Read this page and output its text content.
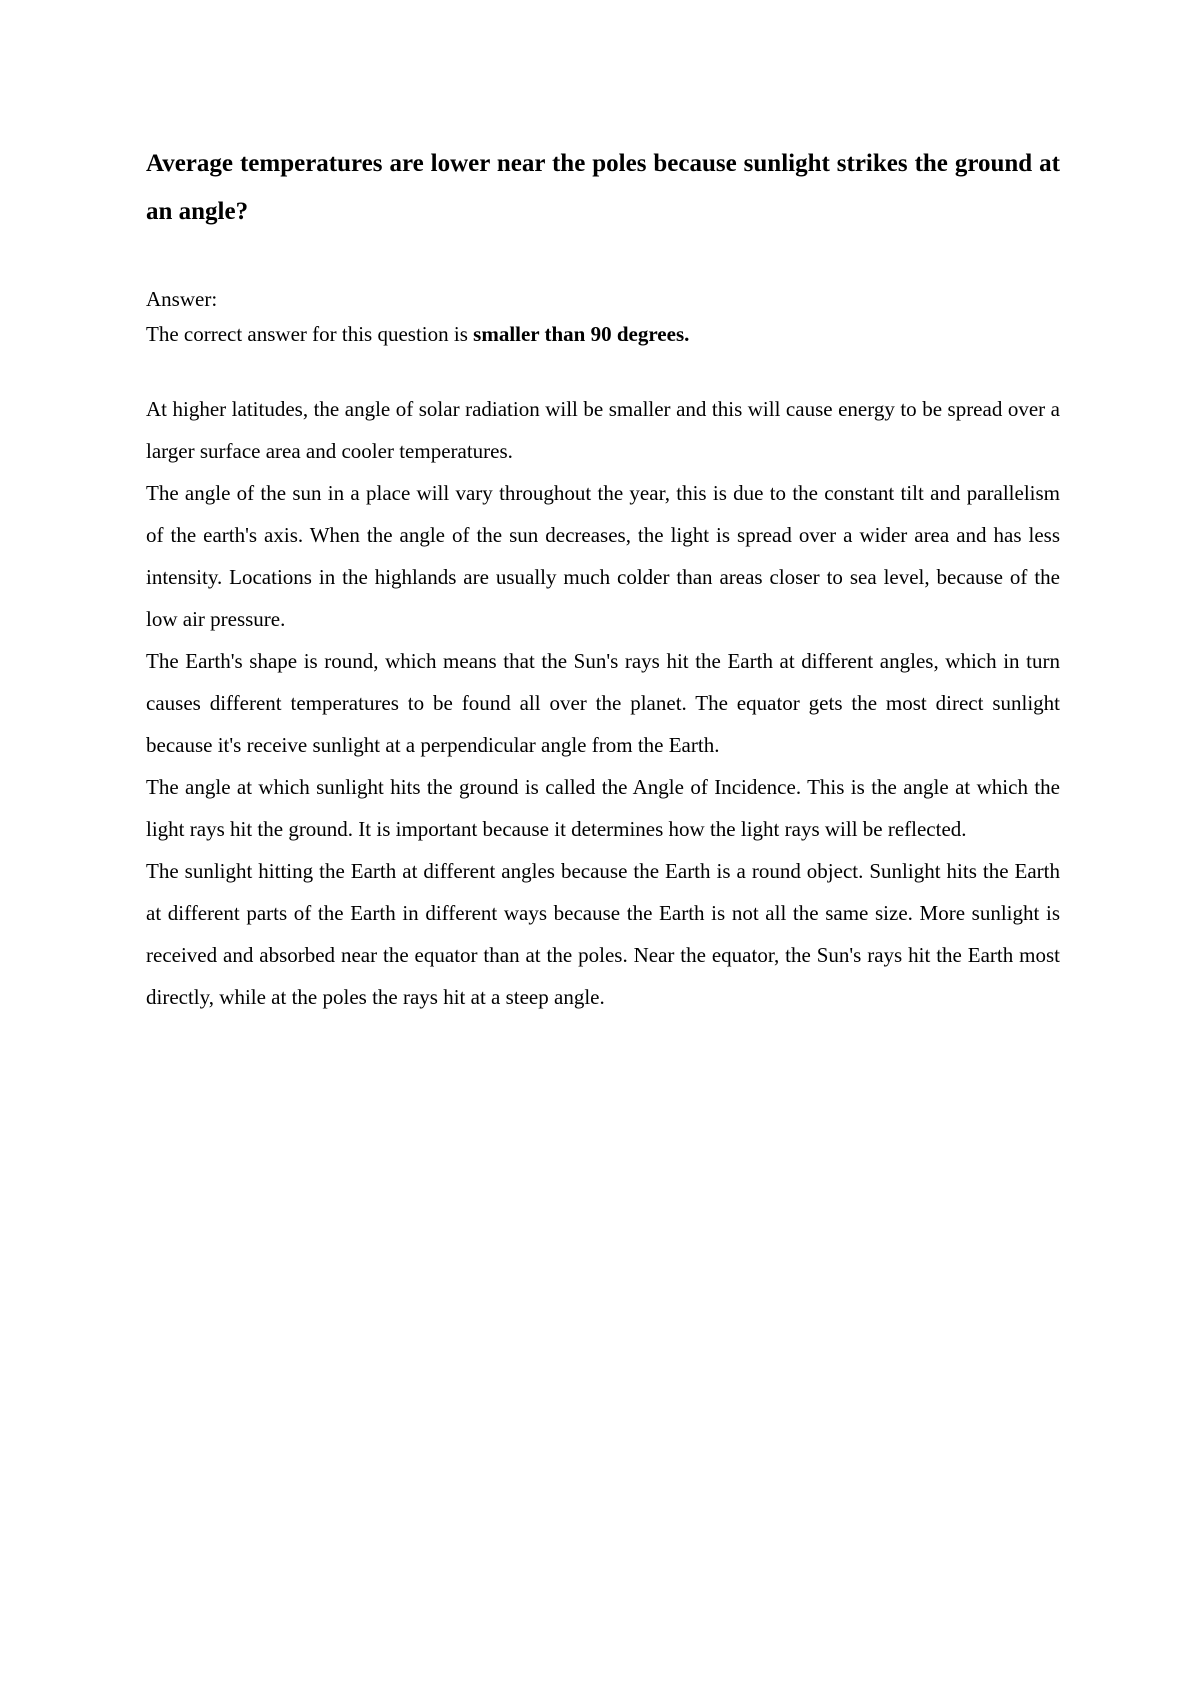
Average temperatures are lower near the poles because sunlight strikes the ground at an angle?

Answer:

The correct answer for this question is smaller than 90 degrees.

At higher latitudes, the angle of solar radiation will be smaller and this will cause energy to be spread over a larger surface area and cooler temperatures.

The angle of the sun in a place will vary throughout the year, this is due to the constant tilt and parallelism of the earth's axis. When the angle of the sun decreases, the light is spread over a wider area and has less intensity. Locations in the highlands are usually much colder than areas closer to sea level, because of the low air pressure.

The Earth's shape is round, which means that the Sun's rays hit the Earth at different angles, which in turn causes different temperatures to be found all over the planet. The equator gets the most direct sunlight because it's receive sunlight at a perpendicular angle from the Earth.

The angle at which sunlight hits the ground is called the Angle of Incidence. This is the angle at which the light rays hit the ground. It is important because it determines how the light rays will be reflected.

The sunlight hitting the Earth at different angles because the Earth is a round object. Sunlight hits the Earth at different parts of the Earth in different ways because the Earth is not all the same size. More sunlight is received and absorbed near the equator than at the poles. Near the equator, the Sun's rays hit the Earth most directly, while at the poles the rays hit at a steep angle.
